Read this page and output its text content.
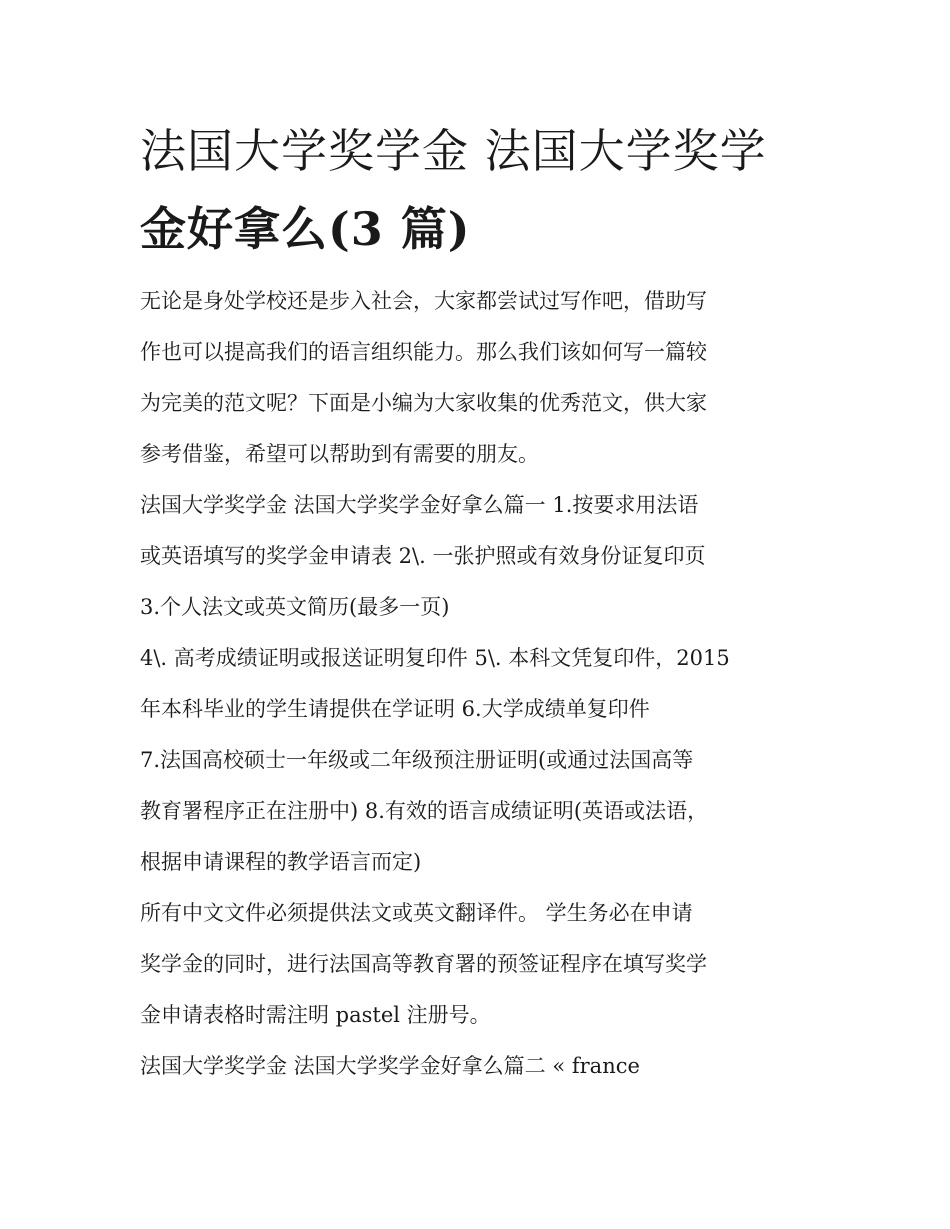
法国大学奖学金 法国大学奖学
金好拿么(3 篇)

无论是身处学校还是步入社会，大家都尝试过写作吧，借助写
作也可以提高我们的语言组织能力。那么我们该如何写一篇较
为完美的范文呢？下面是小编为大家收集的优秀范文，供大家
参考借鉴，希望可以帮助到有需要的朋友。

法国大学奖学金 法国大学奖学金好拿么篇一 1.按要求用法语
或英语填写的奖学金申请表 2\. 一张护照或有效身份证复印页
3.个人法文或英文简历(最多一页)

4\. 高考成绩证明或报送证明复印件 5\. 本科文凭复印件，2015
年本科毕业的学生请提供在学证明 6.大学成绩单复印件

7.法国高校硕士一年级或二年级预注册证明(或通过法国高等
教育署程序正在注册中) 8.有效的语言成绩证明(英语或法语，
根据申请课程的教学语言而定)

所有中文文件必须提供法文或英文翻译件。 学生务必在申请
奖学金的同时，进行法国高等教育署的预签证程序在填写奖学
金申请表格时需注明 pastel 注册号。

法国大学奖学金 法国大学奖学金好拿么篇二 « france
